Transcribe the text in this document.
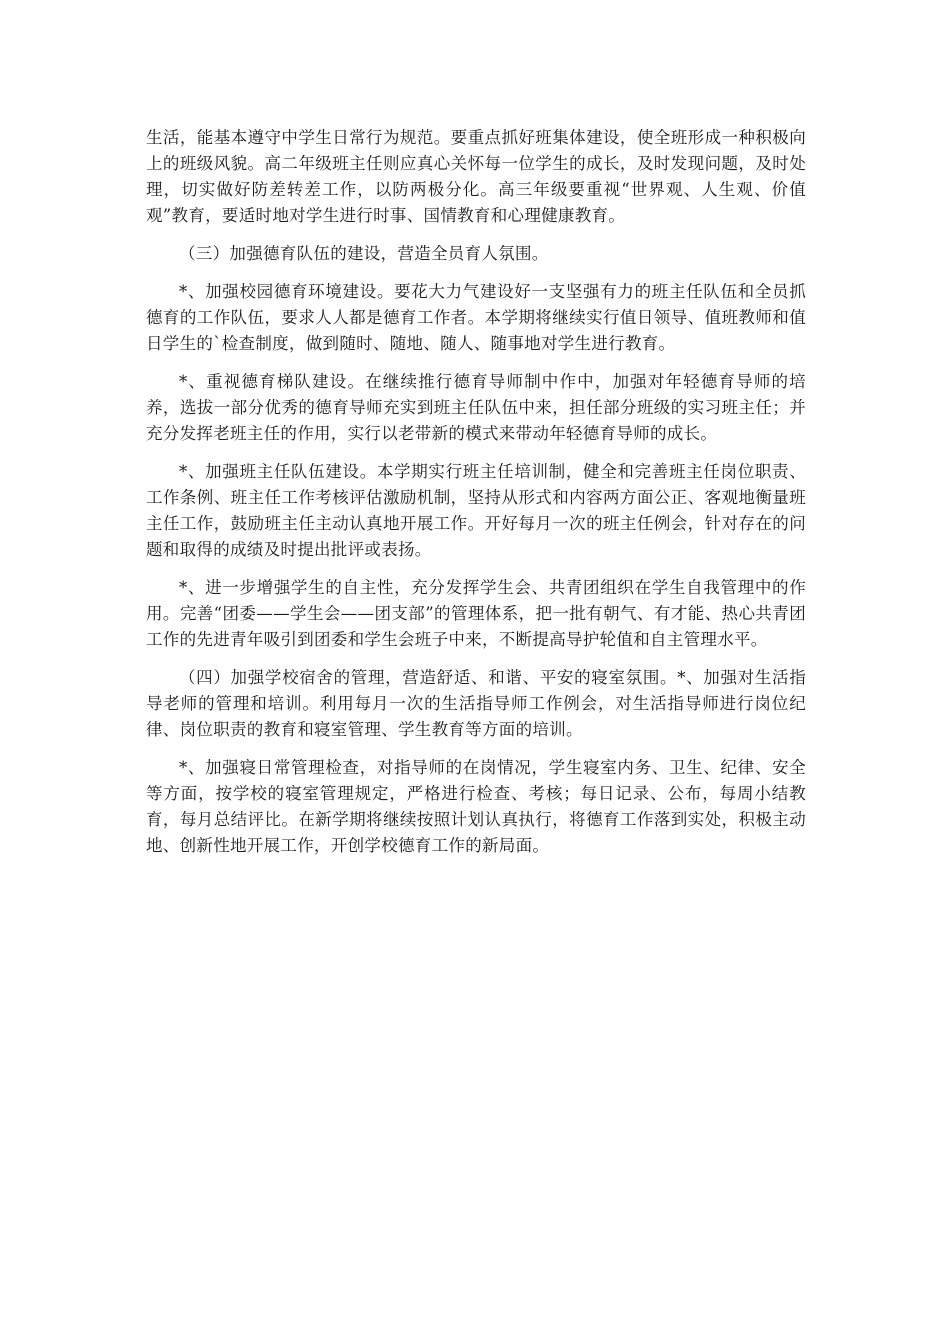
生活，能基本遵守中学生日常行为规范。要重点抓好班集体建设，使全班形成一种积极向上的班级风貌。高二年级班主任则应真心关怀每一位学生的成长，及时发现问题，及时处理，切实做好防差转差工作，以防两极分化。高三年级要重视“世界观、人生观、价值观”教育，要适时地对学生进行时事、国情教育和心理健康教育。

（三）加强德育队伍的建设，营造全员育人氛围。

*、加强校园德育环境建设。要花大力气建设好一支坚强有力的班主任队伍和全员抓德育的工作队伍，要求人人都是德育工作者。本学期将继续实行值日领导、值班教师和值日学生的`检查制度，做到随时、随地、随人、随事地对学生进行教育。

*、重视德育梯队建设。在继续推行德育导师制中作中，加强对年轻德育导师的培养，选拔一部分优秀的德育导师充实到班主任队伍中来，担任部分班级的实习班主任；并充分发挥老班主任的作用，实行以老带新的模式来带动年轻德育导师的成长。

*、加强班主任队伍建设。本学期实行班主任培训制，健全和完善班主任岗位职责、工作条例、班主任工作考核评估激励机制，坚持从形式和内容两方面公正、客观地衡量班主任工作，鼓励班主任主动认真地开展工作。开好每月一次的班主任例会，针对存在的问题和取得的成绩及时提出批评或表扬。

*、进一步增强学生的自主性，充分发挥学生会、共青团组织在学生自我管理中的作用。完善“团委——学生会——团支部”的管理体系，把一批有朝气、有才能、热心共青团工作的先进青年吸引到团委和学生会班子中来，不断提高导护轮值和自主管理水平。

（四）加强学校宿舍的管理，营造舒适、和谐、平安的寝室氛围。*、加强对生活指导老师的管理和培训。利用每月一次的生活指导师工作例会，对生活指导师进行岗位纪律、岗位职责的教育和寝室管理、学生教育等方面的培训。

*、加强寝日常管理检查，对指导师的在岗情况，学生寝室内务、卫生、纪律、安全等方面，按学校的寝室管理规定，严格进行检查、考核；每日记录、公布，每周小结教育，每月总结评比。在新学期将继续按照计划认真执行，将德育工作落到实处，积极主动地、创新性地开展工作，开创学校德育工作的新局面。
